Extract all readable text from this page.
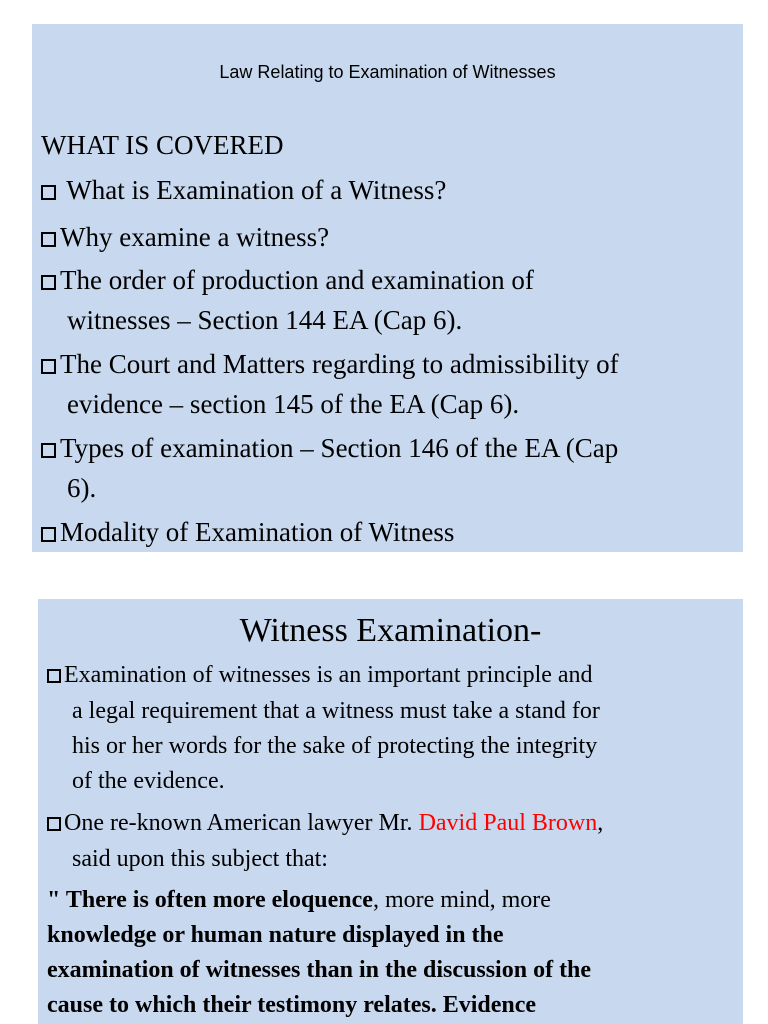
Law Relating to Examination of Witnesses
WHAT IS COVERED
What is Examination of a Witness?
Why examine a witness?
The order of production and examination of
witnesses – Section 144 EA (Cap 6).
The Court and Matters regarding to admissibility of
evidence – section 145 of the EA (Cap 6).
Types of examination – Section 146 of the EA (Cap
6).
Modality of Examination of Witness
Witness Examination-
Examination of witnesses is an important principle and
a legal requirement that a witness must take a stand for
his or her words for the sake of protecting the integrity
of the evidence.
One re-known American lawyer Mr. David Paul Brown,
said upon this subject that:
" There is often more eloquence, more mind, more
knowledge or human nature displayed in the
examination of witnesses than in the discussion of the
cause to which their testimony relates. Evidence
